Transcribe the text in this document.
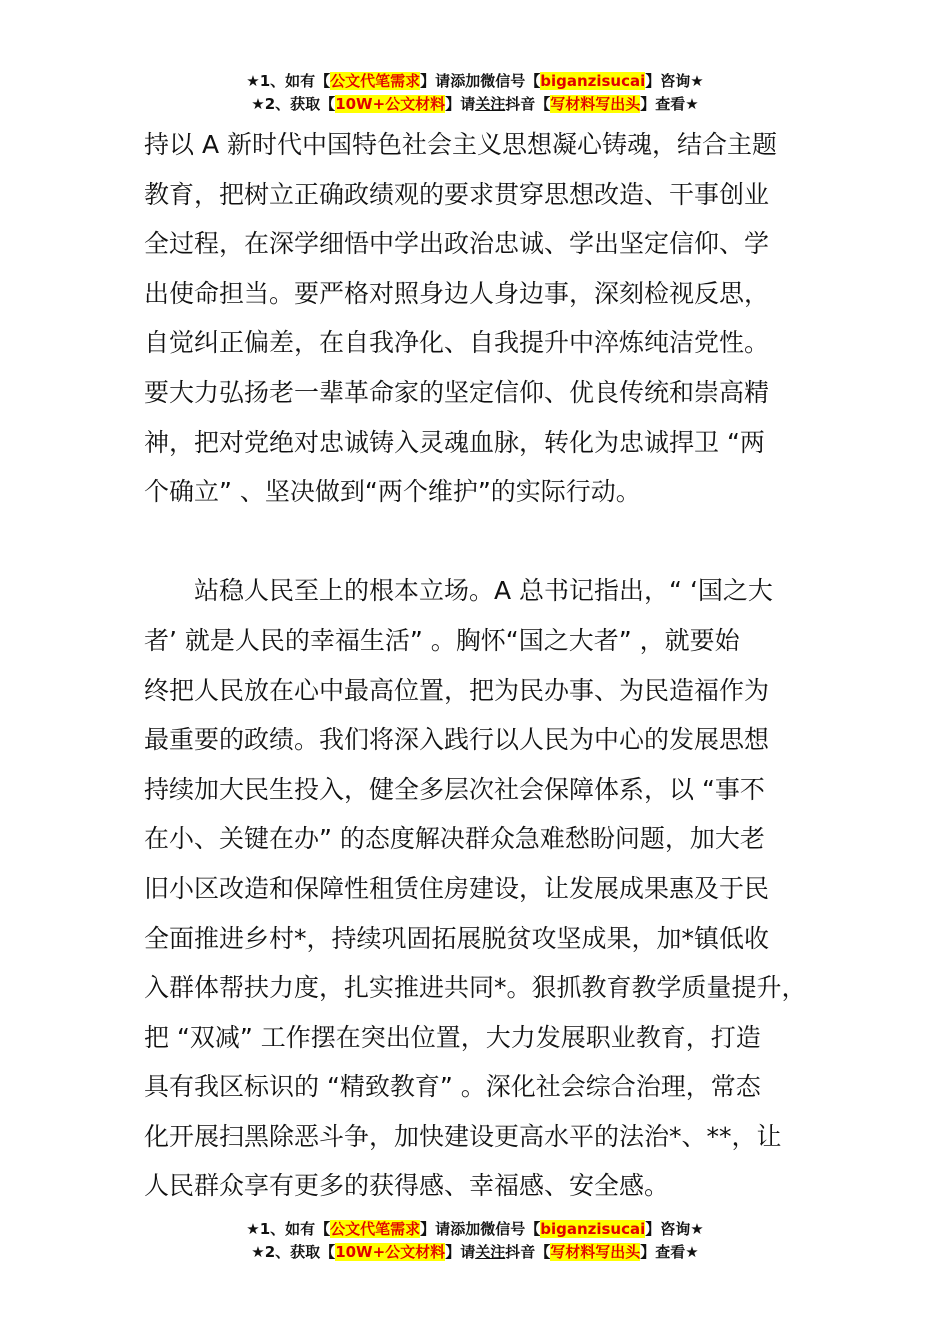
★1、如有【公文代笔需求】请添加微信号【biganzisucai】咨询★
★2、获取【10W+公文材料】请关注抖音【写材料写出头】查看★

持以 A 新时代中国特色社会主义思想凝心铸魂，结合主题
教育，把树立正确政绩观的要求贯穿思想改造、干事创业
全过程，在深学细悟中学出政治忠诚、学出坚定信仰、学
出使命担当。要严格对照身边人身边事，深刻检视反思，
自觉纠正偏差，在自我净化、自我提升中淬炼纯洁党性。
要大力弘扬老一辈革命家的坚定信仰、优良传统和崇高精
神，把对党绝对忠诚铸入灵魂血脉，转化为忠诚捍卫 “两
个确立” 、坚决做到“两个维护”的实际行动。

站稳人民至上的根本立场。A 总书记指出，“ ‘国之大
者’ 就是人民的幸福生活” 。胸怀“国之大者” ，就要始
终把人民放在心中最高位置，把为民办事、为民造福作为
最重要的政绩。我们将深入践行以人民为中心的发展思想
持续加大民生投入，健全多层次社会保障体系，以 “事不
在小、关键在办” 的态度解决群众急难愁盼问题，加大老
旧小区改造和保障性租赁住房建设，让发展成果惠及于民
全面推进乡村*，持续巩固拓展脱贫攻坚成果，加*镇低收
入群体帮扶力度，扎实推进共同*。狠抓教育教学质量提升，
把 “双减” 工作摆在突出位置，大力发展职业教育，打造
具有我区标识的 “精致教育” 。深化社会综合治理，常态
化开展扫黑除恶斗争，加快建设更高水平的法治*、**，让
人民群众享有更多的获得感、幸福感、安全感。

★1、如有【公文代笔需求】请添加微信号【biganzisucai】咨询★
★2、获取【10W+公文材料】请关注抖音【写材料写出头】查看★
